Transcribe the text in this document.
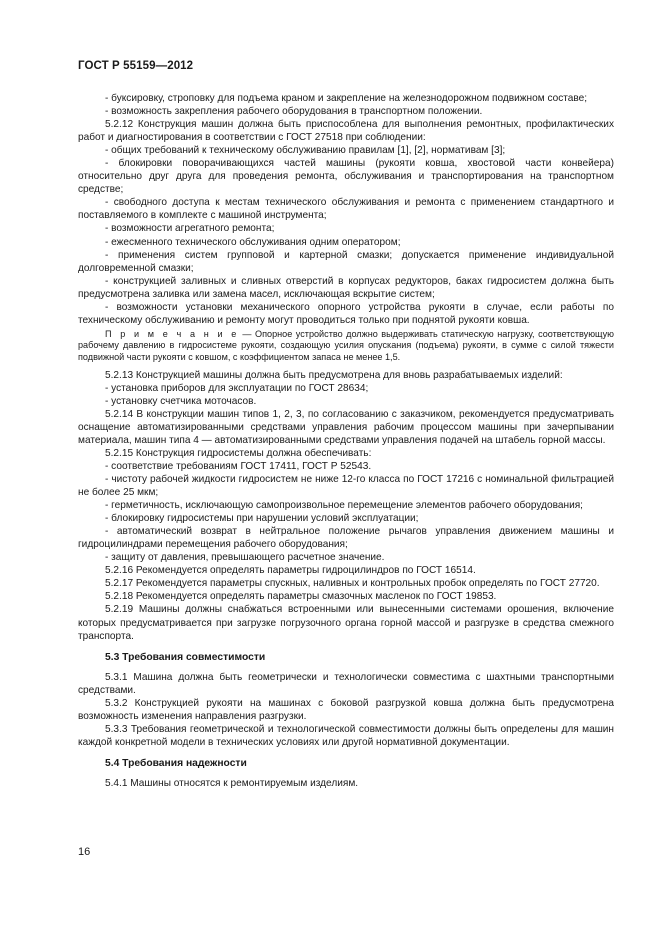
ГОСТ Р 55159—2012

- буксировку, строповку для подъема краном и закрепление на железнодорожном подвижном составе;

- возможность закрепления рабочего оборудования в транспортном положении.

5.2.12 Конструкция машин должна быть приспособлена для выполнения ремонтных, профилактических работ и диагностирования в соответствии с ГОСТ 27518 при соблюдении:

- общих требований к техническому обслуживанию правилам [1], [2], нормативам [3];

- блокировки поворачивающихся частей машины (рукояти ковша, хвостовой части конвейера) относительно друг друга для проведения ремонта, обслуживания и транспортирования на транспортном средстве;

- свободного доступа к местам технического обслуживания и ремонта с применением стандартного и поставляемого в комплекте с машиной инструмента;

- возможности агрегатного ремонта;

- ежесменного технического обслуживания одним оператором;

- применения систем групповой и картерной смазки; допускается применение индивидуальной долговременной смазки;

- конструкцией заливных и сливных отверстий в корпусах редукторов, баках гидросистем должна быть предусмотрена заливка или замена масел, исключающая вскрытие систем;

- возможности установки механического опорного устройства рукояти в случае, если работы по техническому обслуживанию и ремонту могут проводиться только при поднятой рукояти ковша.

П р и м е ч а н и е — Опорное устройство должно выдерживать статическую нагрузку, соответствующую рабочему давлению в гидросистеме рукояти, создающую усилия опускания (подъема) рукояти, в сумме с силой тяжести подвижной части рукояти с ковшом, с коэффициентом запаса не менее 1,5.

5.2.13 Конструкцией машины должна быть предусмотрена для вновь разрабатываемых изделий:

- установка приборов для эксплуатации по ГОСТ 28634;

- установку счетчика моточасов.

5.2.14 В конструкции машин типов 1, 2, 3, по согласованию с заказчиком, рекомендуется предусматривать оснащение автоматизированными средствами управления рабочим процессом машины при зачерпывании материала, машин типа 4 — автоматизированными средствами управления подачей на штабель горной массы.

5.2.15 Конструкция гидросистемы должна обеспечивать:

- соответствие требованиям ГОСТ 17411, ГОСТ Р 52543.

- чистоту рабочей жидкости гидросистем не ниже 12-го класса по ГОСТ 17216 с номинальной фильтрацией не более 25 мкм;

- герметичность, исключающую самопроизвольное перемещение элементов рабочего оборудования;

- блокировку гидросистемы при нарушении условий эксплуатации;

- автоматический возврат в нейтральное положение рычагов управления движением машины и гидроцилиндрами перемещения рабочего оборудования;

- защиту от давления, превышающего расчетное значение.

5.2.16 Рекомендуется определять параметры гидроцилиндров по ГОСТ 16514.

5.2.17 Рекомендуется параметры спускных, наливных и контрольных пробок определять по ГОСТ 27720.

5.2.18 Рекомендуется определять параметры смазочных масленок по ГОСТ 19853.

5.2.19 Машины должны снабжаться встроенными или вынесенными системами орошения, включение которых предусматривается при загрузке погрузочного органа горной массой и разгрузке в средства смежного транспорта.

5.3 Требования совместимости

5.3.1 Машина должна быть геометрически и технологически совместима с шахтными транспортными средствами.

5.3.2 Конструкцией рукояти на машинах с боковой разгрузкой ковша должна быть предусмотрена возможность изменения направления разгрузки.

5.3.3 Требования геометрической и технологической совместимости должны быть определены для машин каждой конкретной модели в технических условиях или другой нормативной документации.

5.4 Требования надежности

5.4.1 Машины относятся к ремонтируемым изделиям.

16
